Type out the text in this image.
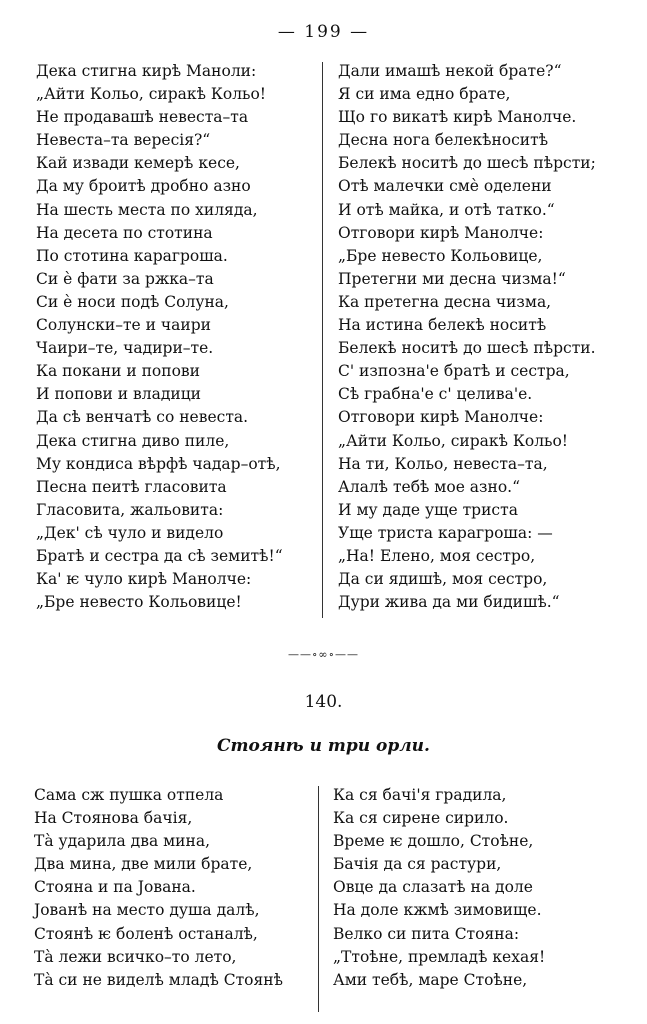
— 199 —
Дека стигна кирѣ Маноли:
„Айти Кольо, сиракѣ Кольо!
Не продавашѣ невеста–та
Невеста–та вересія?“
Кай извади кемерѣ кесе,
Да му броитѣ дробно азно
На шесть места по хиляда,
На десета по стотина
По стотина карагроша.
Си ѐ фати за ржка–та
Си ѐ носи подѣ Солуна,
Солунски–те и чаири
Чаири–те, чадири–те.
Ка покани и попови
И попови и владици
Да сѣ венчатѣ со невеста.
Дека стигна диво пиле,
Му кондиса вѣрфѣ чадар–отѣ,
Песна пеитѣ гласовита
Гласовита, жальовита:
„Дек' сѣ чуло и видело
Братѣ и сестра да сѣ земитѣ!“
Ка' ѥ чуло кирѣ Манолче:
„Бре невесто Кольовице!
Дали имашѣ некой брате?“
Я си има едно брате,
Що го викатѣ кирѣ Манолче.
Десна нога белекѣноcитѣ
Белекѣ носитѣ до шесѣ пѣрсти;
Отѣ малечки смѐ оделени
И отѣ майка, и отѣ татко.“
Отговори кирѣ Манолче:
„Бре невесто Кольовице,
Претегни ми десна чизма!“
Ка претегна десна чизма,
На истина белекѣ носитѣ
Белекѣ носитѣ до шесѣ пѣрсти.
С' изпозна'е братѣ и сестра,
Сѣ грабна'е с' целива'е.
Отговори кирѣ Манолче:
„Айти Кольо, сиракѣ Кольо!
На ти, Кольо, невеста–та,
Алалѣ тебѣ мое азно.“
И му даде уще триста
Уще триста карагроша: —
„На! Елено, моя сестро,
Да си ядишѣ, моя сестро,
Дури жива да ми бидишѣ.“
——∘∞∘——
140.
Стоянѣ и три орли.
Сама сж пушка отпела
На Стоянова бачія,
Тà ударила два мина,
Два мина, две мили брате,
Стояна и па Јована.
Јованѣ на место душа далѣ,
Стоянѣ ѥ боленѣ останалѣ,
Тà лежи всичко–то лето,
Тà си не виделѣ младѣ Стоянѣ
Ка ся бачі'я градила,
Ка ся сирене сирило.
Време ѥ дошло, Стоѣне,
Бачія да ся растури,
Овце да слазатѣ на доле
На доле кжмѣ зимовище.
Велко си пита Стояна:
„Ттоѣне, премладѣ кехая!
Ами тебѣ, маре Стоѣне,
